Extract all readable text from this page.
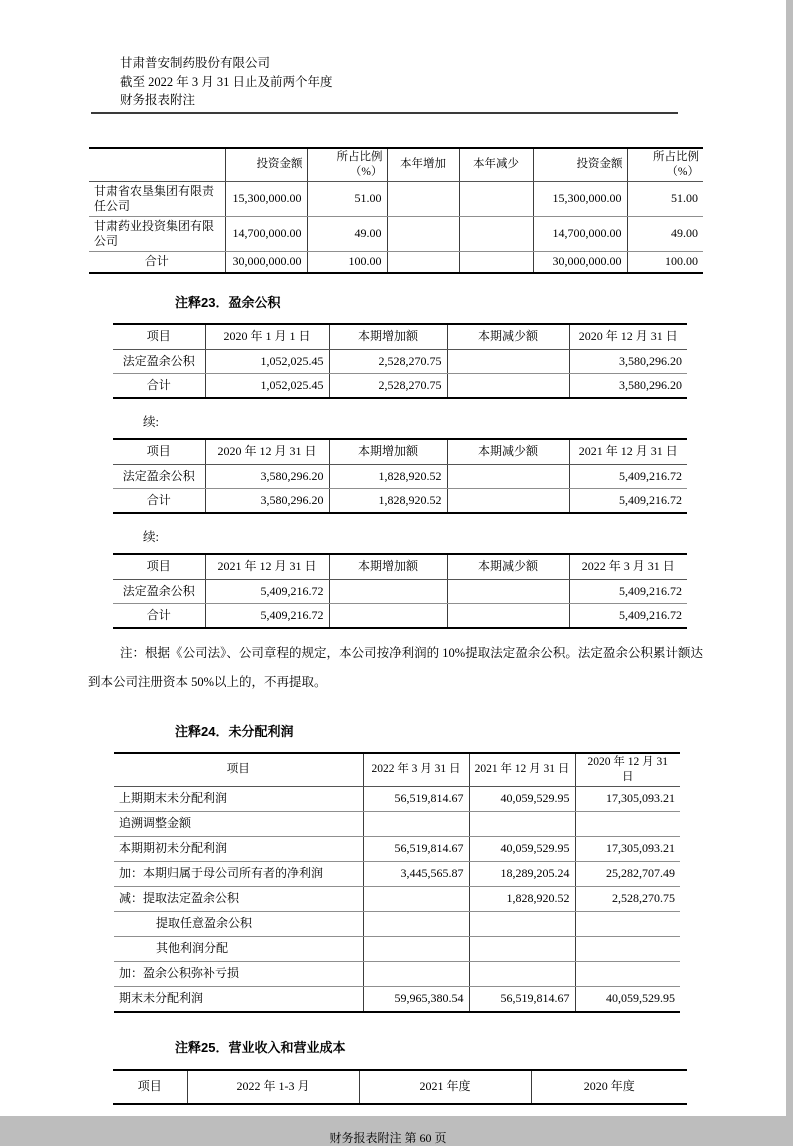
甘肃普安制药股份有限公司
截至 2022 年 3 月 31 日止及前两个年度
财务报表附注
	投资金额	所占比例（%）	本年增加	本年减少	投资金额	所占比例（%）
甘肃省农垦集团有限责任公司	15,300,000.00	51.00			15,300,000.00	51.00
甘肃药业投资集团有限公司	14,700,000.00	49.00			14,700,000.00	49.00
合计	30,000,000.00	100.00			30,000,000.00	100.00
注释23．盈余公积
项目	2020 年 1 月 1 日	本期增加额	本期减少额	2020 年 12 月 31 日
法定盈余公积	1,052,025.45	2,528,270.75		3,580,296.20
合计	1,052,025.45	2,528,270.75		3,580,296.20
续:
项目	2020 年 12 月 31 日	本期增加额	本期减少额	2021 年 12 月 31 日
法定盈余公积	3,580,296.20	1,828,920.52		5,409,216.72
合计	3,580,296.20	1,828,920.52		5,409,216.72
续:
项目	2021 年 12 月 31 日	本期增加额	本期减少额	2022 年 3 月 31 日
法定盈余公积	5,409,216.72			5,409,216.72
合计	5,409,216.72			5,409,216.72
注：根据《公司法》、公司章程的规定，本公司按净利润的 10%提取法定盈余公积。法定盈余公积累计额达到本公司注册资本 50%以上的，不再提取。
注释24．未分配利润
项目	2022 年 3 月 31 日	2021 年 12 月 31 日	2020 年 12 月 31 日
上期期末未分配利润	56,519,814.67	40,059,529.95	17,305,093.21
追溯调整金额			
本期期初未分配利润	56,519,814.67	40,059,529.95	17,305,093.21
加：本期归属于母公司所有者的净利润	3,445,565.87	18,289,205.24	25,282,707.49
减：提取法定盈余公积		1,828,920.52	2,528,270.75
提取任意盈余公积			
其他利润分配			
加：盈余公积弥补亏损			
期末未分配利润	59,965,380.54	56,519,814.67	40,059,529.95
注释25．营业收入和营业成本
项目	2022 年 1-3 月	2021 年度	2020 年度
财务报表附注 第 60 页
